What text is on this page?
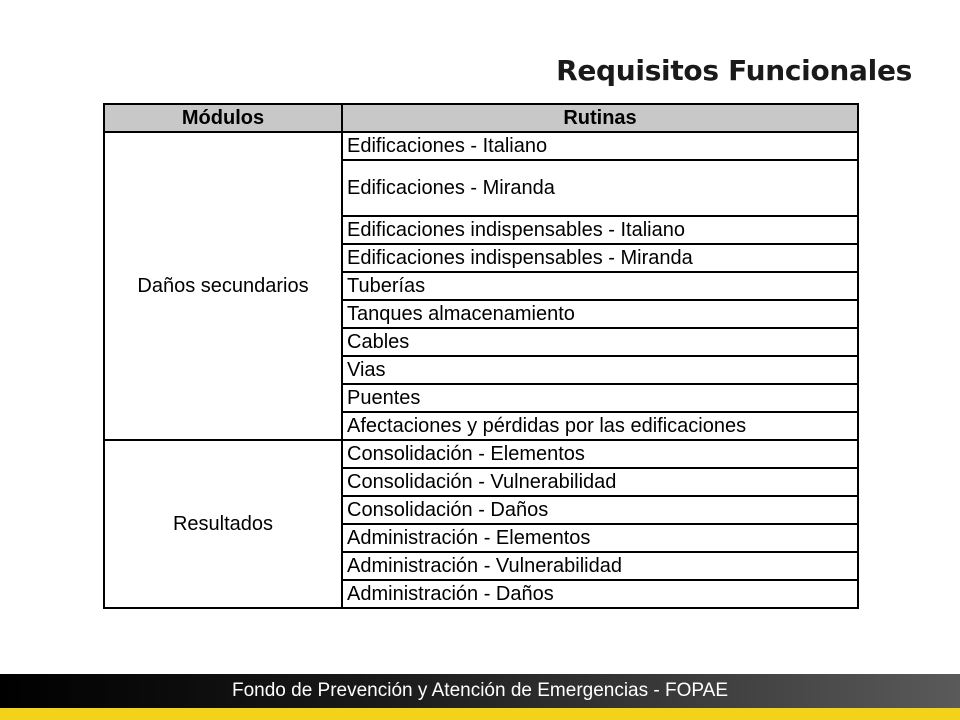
Requisitos Funcionales
Módulos	Rutinas
Daños secundarios	Edificaciones - Italiano
	Edificaciones - Miranda
	Edificaciones indispensables - Italiano
	Edificaciones indispensables - Miranda
	Tuberías
	Tanques almacenamiento
	Cables
	Vias
	Puentes
	Afectaciones y pérdidas por las edificaciones
Resultados	Consolidación - Elementos
	Consolidación - Vulnerabilidad
	Consolidación - Daños
	Administración - Elementos
	Administración - Vulnerabilidad
	Administración - Daños
Fondo de Prevención y Atención de Emergencias - FOPAE
